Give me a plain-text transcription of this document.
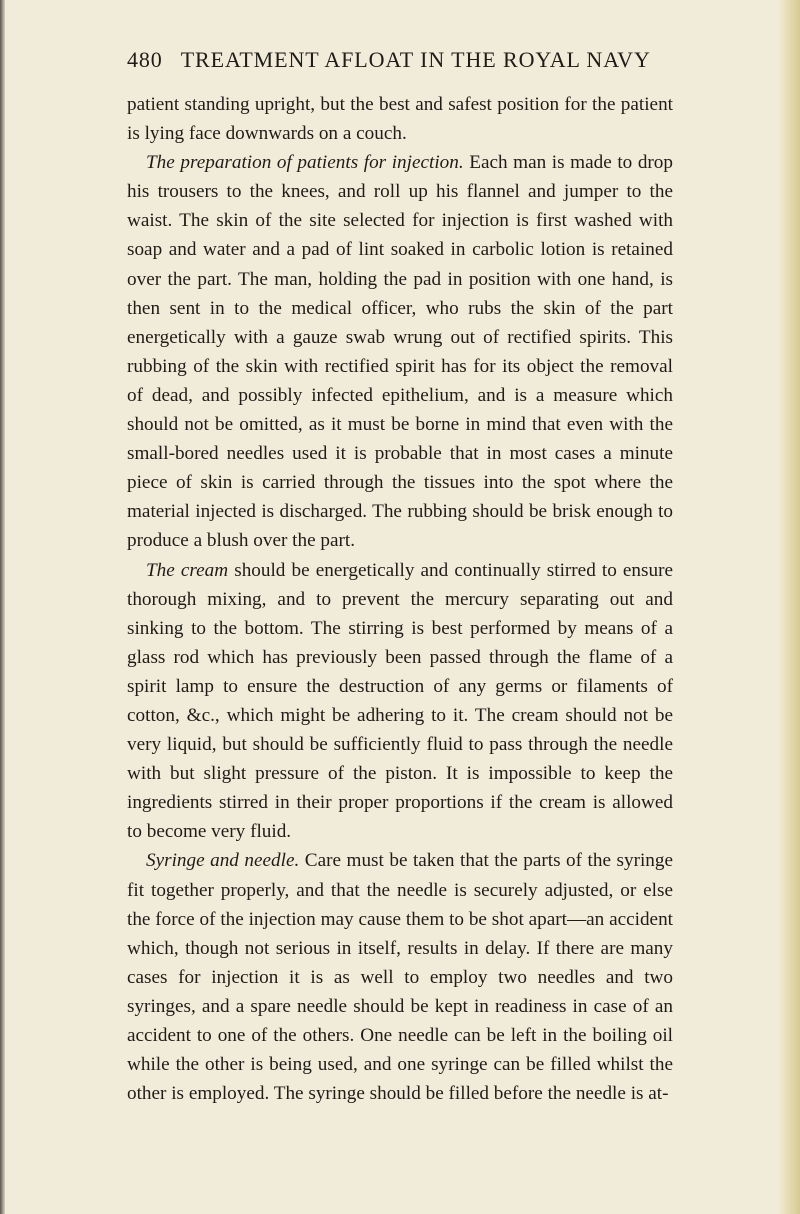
480 TREATMENT AFLOAT IN THE ROYAL NAVY

patient standing upright, but the best and safest position for the patient is lying face downwards on a couch.

The preparation of patients for injection. Each man is made to drop his trousers to the knees, and roll up his flannel and jumper to the waist. The skin of the site selected for injection is first washed with soap and water and a pad of lint soaked in carbolic lotion is retained over the part. The man, holding the pad in position with one hand, is then sent in to the medical officer, who rubs the skin of the part energetically with a gauze swab wrung out of rectified spirits. This rubbing of the skin with rectified spirit has for its object the removal of dead, and possibly infected epithelium, and is a measure which should not be omitted, as it must be borne in mind that even with the small-bored needles used it is probable that in most cases a minute piece of skin is carried through the tissues into the spot where the material injected is discharged. The rubbing should be brisk enough to produce a blush over the part.

The cream should be energetically and continually stirred to ensure thorough mixing, and to prevent the mercury separating out and sinking to the bottom. The stirring is best performed by means of a glass rod which has previously been passed through the flame of a spirit lamp to ensure the destruction of any germs or filaments of cotton, &c., which might be adhering to it. The cream should not be very liquid, but should be sufficiently fluid to pass through the needle with but slight pressure of the piston. It is impossible to keep the ingredients stirred in their proper proportions if the cream is allowed to become very fluid.

Syringe and needle. Care must be taken that the parts of the syringe fit together properly, and that the needle is securely adjusted, or else the force of the injection may cause them to be shot apart—an accident which, though not serious in itself, results in delay. If there are many cases for injection it is as well to employ two needles and two syringes, and a spare needle should be kept in readiness in case of an accident to one of the others. One needle can be left in the boiling oil while the other is being used, and one syringe can be filled whilst the other is employed. The syringe should be filled before the needle is at-
